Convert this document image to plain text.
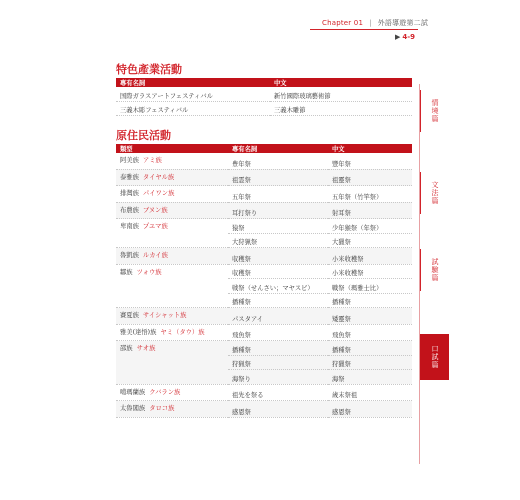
Chapter 01 | 外語導遊第二試
▶ 4-9
特色產業活動
專有名詞	中文
国際ガラスアートフェスティバル	新竹國際玻璃藝術節
三義木彫フェスティバル	三義木雕節
原住民活動
類型	專有名詞	中文
阿美族 アミ族	豊年祭	豐年祭
泰雅族 タイヤル族	祖霊祭	祖靈祭
排灣族 パイワン族	五年祭	五年祭（竹竿祭）
布農族 ブヌン族	耳打祭り	射耳祭
卑南族 プユマ族	猿祭	少年猴祭（年祭）
	大狩猟祭	大獵祭
魯凱族 ルカイ族	収穫祭	小米收穫祭
鄒族 ツォウ族	収穫祭	小米收穫祭
	戦祭（せんさい；マヤスビ）	戰祭（瑪雅士比）
	播種祭	播種祭
賽夏族 サイシャット族	パスタアイ	矮靈祭
雅美(達悟)族 ヤミ（タウ）族	飛魚祭	飛魚祭
邵族 サオ族	播種祭	播種祭
	狩猟祭	狩獵祭
	海祭り	海祭
噶瑪蘭族 クバラン族	祖先を祭る	歲末祭祖
太魯閣族 タロコ族	感恩祭	感恩祭
情境篇
文法篇
試驗篇
口試篇
